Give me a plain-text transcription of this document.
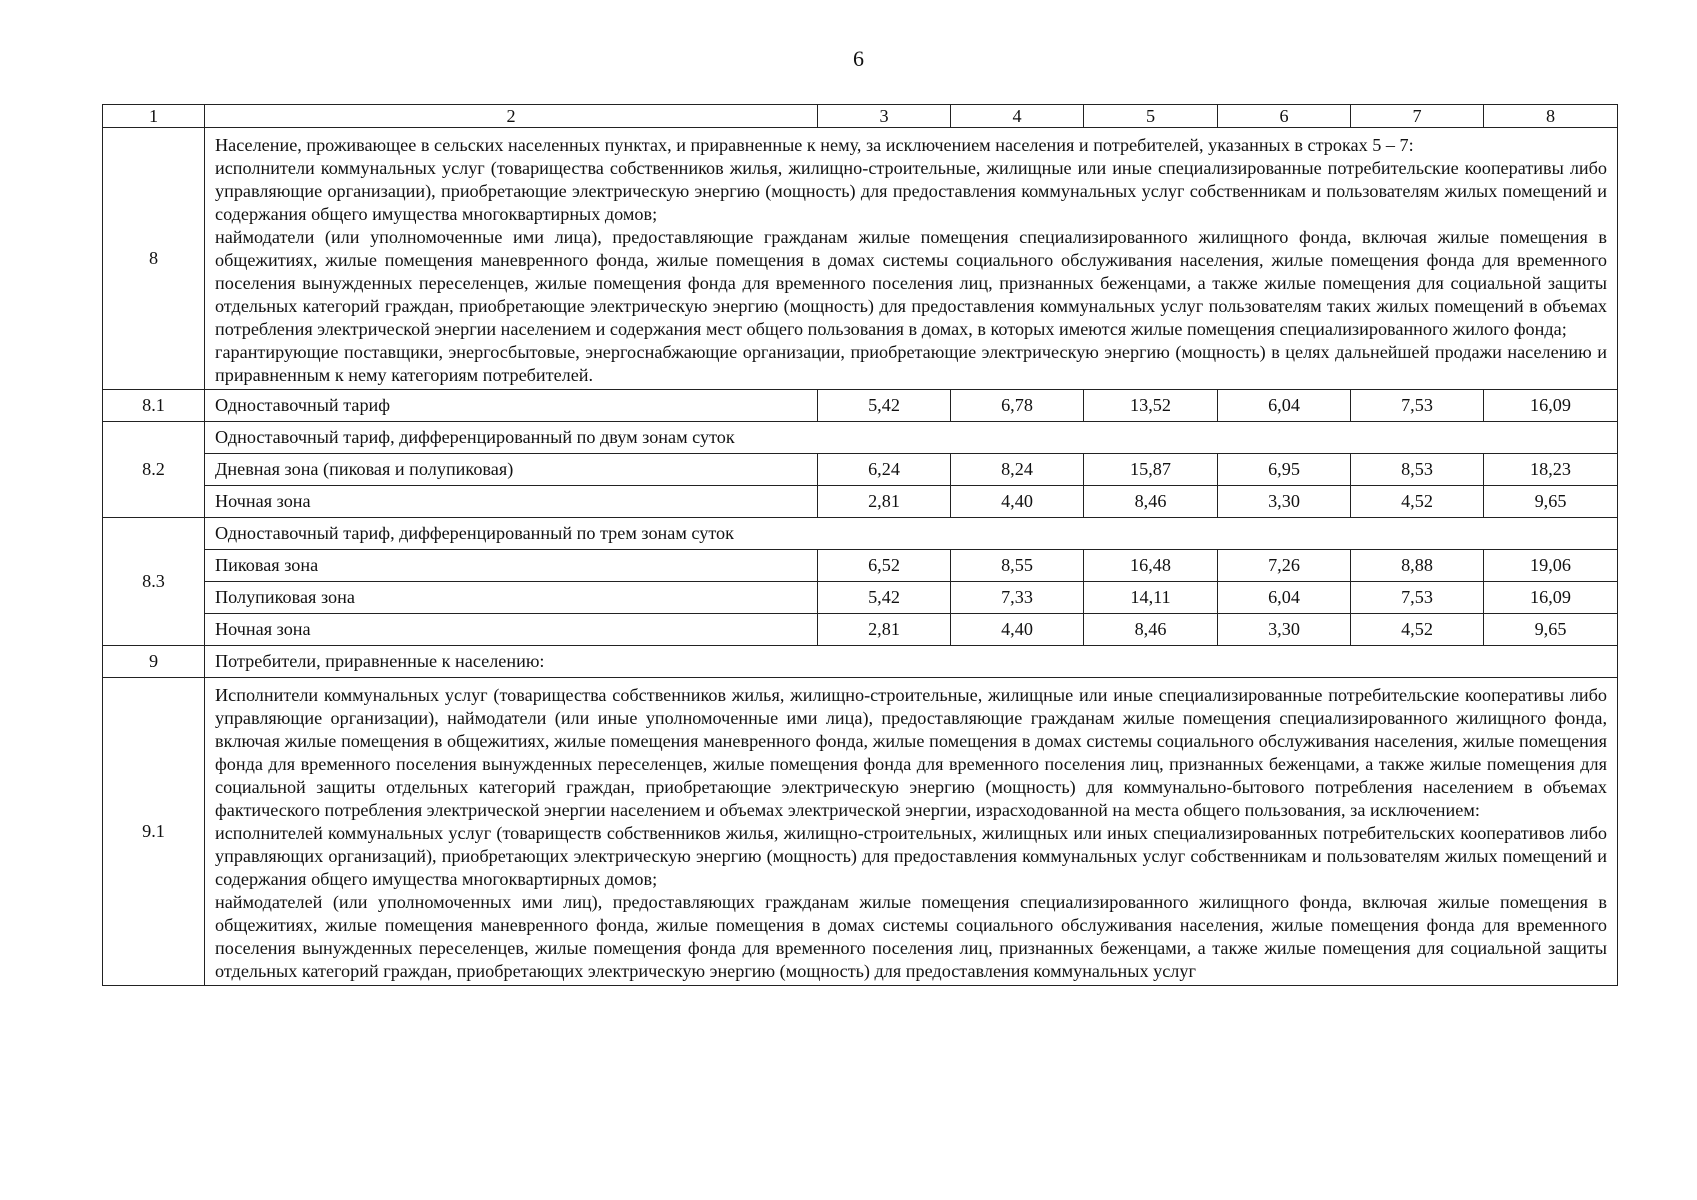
6
1	2	3	4	5	6	7	8
8	Население, проживающее в сельских населенных пунктах, и приравненные к нему, за исключением населения и потребителей, указанных в строках 5 – 7:
исполнители коммунальных услуг (товарищества собственников жилья, жилищно-строительные, жилищные или иные специализированные потребительские кооперативы либо управляющие организации), приобретающие электрическую энергию (мощность) для предоставления коммунальных услуг собственникам и пользователям жилых помещений и содержания общего имущества многоквартирных домов;
наймодатели (или уполномоченные ими лица), предоставляющие гражданам жилые помещения специализированного жилищного фонда, включая жилые помещения в общежитиях, жилые помещения маневренного фонда, жилые помещения в домах системы социального обслуживания населения, жилые помещения фонда для временного поселения вынужденных переселенцев, жилые помещения фонда для временного поселения лиц, признанных беженцами, а также жилые помещения для социальной защиты отдельных категорий граждан, приобретающие электрическую энергию (мощность) для предоставления коммунальных услуг пользователям таких жилых помещений в объемах потребления электрической энергии населением и содержания мест общего пользования в домах, в которых имеются жилые помещения специализированного жилого фонда;
гарантирующие поставщики, энергосбытовые, энергоснабжающие организации, приобретающие электрическую энергию (мощность) в целях дальнейшей продажи населению и приравненным к нему категориям потребителей.						

8.1	Одноставочный тариф	5,42	6,78	13,52	6,04	7,53	16,09
8.2	Одноставочный тариф, дифференцированный по двум зонам суток						
	Дневная зона (пиковая и полупиковая)	6,24	8,24	15,87	6,95	8,53	18,23
	Ночная зона	2,81	4,40	8,46	3,30	4,52	9,65
8.3	Одноставочный тариф, дифференцированный по трем зонам суток						
	Пиковая зона	6,52	8,55	16,48	7,26	8,88	19,06
	Полупиковая зона	5,42	7,33	14,11	6,04	7,53	16,09
	Ночная зона	2,81	4,40	8,46	3,30	4,52	9,65
9	Потребители, приравненные к населению:						
9.1	Исполнители коммунальных услуг (товарищества собственников жилья, жилищно-строительные, жилищные или иные специализированные потребительские кооперативы либо управляющие организации), наймодатели (или иные уполномоченные ими лица), предоставляющие гражданам жилые помещения специализированного жилищного фонда, включая жилые помещения в общежитиях, жилые помещения маневренного фонда, жилые помещения в домах системы социального обслуживания населения, жилые помещения фонда для временного поселения вынужденных переселенцев, жилые помещения фонда для временного поселения лиц, признанных беженцами, а также жилые помещения для социальной защиты отдельных категорий граждан, приобретающие электрическую энергию (мощность) для коммунально-бытового потребления населением в объемах фактического потребления электрической энергии населением и объемах электрической энергии, израсходованной на места общего пользования, за исключением:
исполнителей коммунальных услуг (товариществ собственников жилья, жилищно-строительных, жилищных или иных специализированных потребительских кооперативов либо управляющих организаций), приобретающих электрическую энергию (мощность) для предоставления коммунальных услуг собственникам и пользователям жилых помещений и содержания общего имущества многоквартирных домов;
наймодателей (или уполномоченных ими лиц), предоставляющих гражданам жилые помещения специализированного жилищного фонда, включая жилые помещения в общежитиях, жилые помещения маневренного фонда, жилые помещения в домах системы социального обслуживания населения, жилые помещения фонда для временного поселения вынужденных переселенцев, жилые помещения фонда для временного поселения лиц, признанных беженцами, а также жилые помещения для социальной защиты отдельных категорий граждан, приобретающих электрическую энергию (мощность) для предоставления коммунальных услуг						
